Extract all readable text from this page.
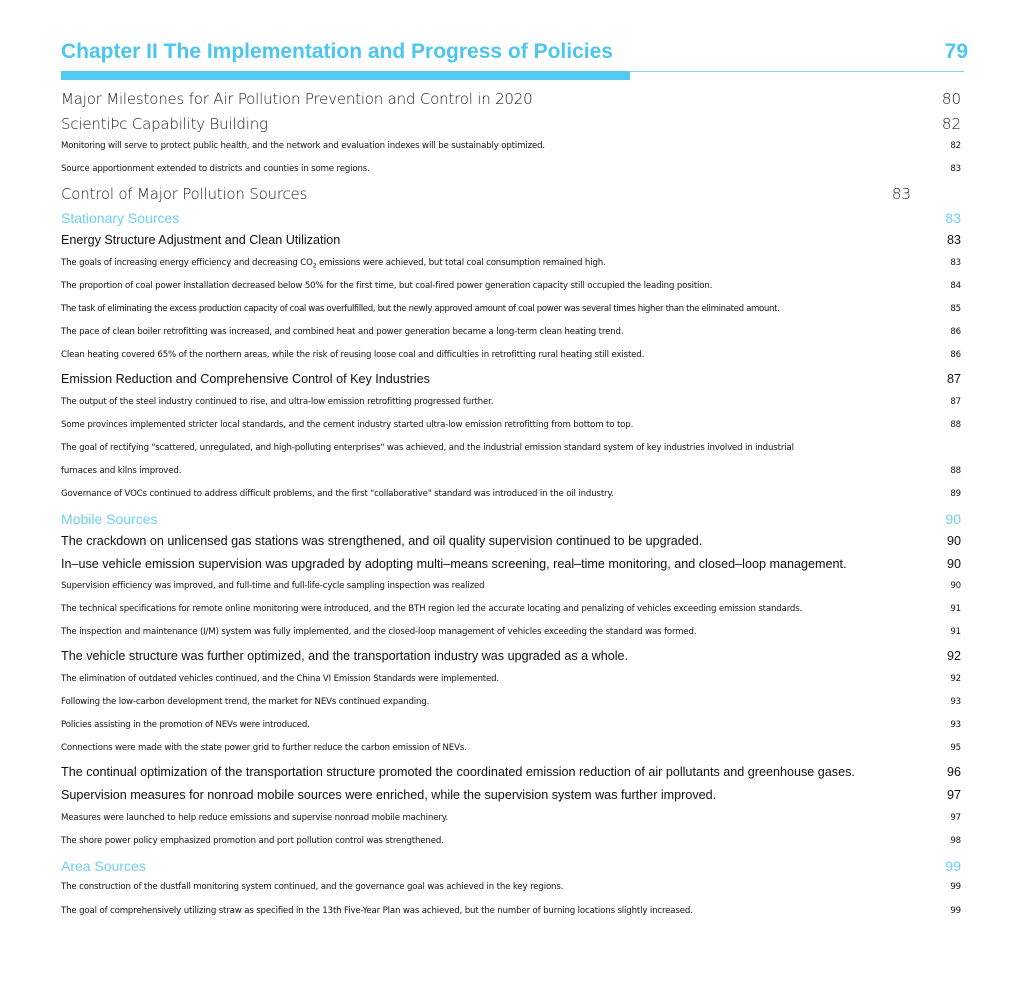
Chapter II The Implementation and Progress of Policies	79
Major Milestones for Air Pollution Prevention and Control in 2020	80
ScientiÞc Capability Building	82
Monitoring will serve to protect public health, and the network and evaluation indexes will be sustainably optimized.	82
Source apportionment extended to districts and counties in some regions.	83
Control of Major Pollution Sources	83
Stationary Sources	83
Energy Structure Adjustment and Clean Utilization	83
The goals of increasing energy efficiency and decreasing $CO_2$ emissions were achieved, but total coal consumption remained high.	83
The proportion of coal power installation decreased below 50% for the first time, but coal-fired power generation capacity still occupied the leading position.	84
The task of eliminating the excess production capacity of coal was overfulfilled, but the newly approved amount of coal power was several times higher than the eliminated amount.	85
The pace of clean boiler retrofitting was increased, and combined heat and power generation became a long-term clean heating trend.	86
Clean heating covered 65% of the northern areas, while the risk of reusing loose coal and difficulties in retrofitting rural heating still existed.	86
Emission Reduction and Comprehensive Control of Key Industries	87
The output of the steel industry continued to rise, and ultra-low emission retrofitting progressed further.	87
Some provinces implemented stricter local standards, and the cement industry started ultra-low emission retrofitting from bottom to top.	88
The goal of rectifying "scattered, unregulated, and high-polluting enterprises" was achieved, and the industrial emission standard system of key industries involved in industrial
furnaces and kilns improved.	88
Governance of VOCs continued to address difficult problems, and the first "collaborative" standard was introduced in the oil industry.	89
Mobile Sources	90
The crackdown on unlicensed gas stations was strengthened, and oil quality supervision continued to be upgraded.	90
In–use vehicle emission supervision was upgraded by adopting multi–means screening, real–time monitoring, and closed–loop management.	90
Supervision efficiency was improved, and full-time and full-life-cycle sampling inspection was realized	90
The technical specifications for remote online monitoring were introduced, and the BTH region led the accurate locating and penalizing of vehicles exceeding emission standards.	91
The inspection and maintenance (I/M) system was fully implemented, and the closed-loop management of vehicles exceeding the standard was formed.	91
The vehicle structure was further optimized, and the transportation industry was upgraded as a whole.	92
The elimination of outdated vehicles continued, and the China VI Emission Standards were implemented.	92
Following the low-carbon development trend, the market for NEVs continued expanding.	93
Policies assisting in the promotion of NEVs were introduced.	93
Connections were made with the state power grid to further reduce the carbon emission of NEVs.	95
The continual optimization of the transportation structure promoted the coordinated emission reduction of air pollutants and greenhouse gases.	96
Supervision measures for nonroad mobile sources were enriched, while the supervision system was further improved.	97
Measures were launched to help reduce emissions and supervise nonroad mobile machinery.	97
The shore power policy emphasized promotion and port pollution control was strengthened.	98
Area Sources	99
The construction of the dustfall monitoring system continued, and the governance goal was achieved in the key regions.	99
The goal of comprehensively utilizing straw as specified in the 13th Five-Year Plan was achieved, but the number of burning locations slightly increased.	99
